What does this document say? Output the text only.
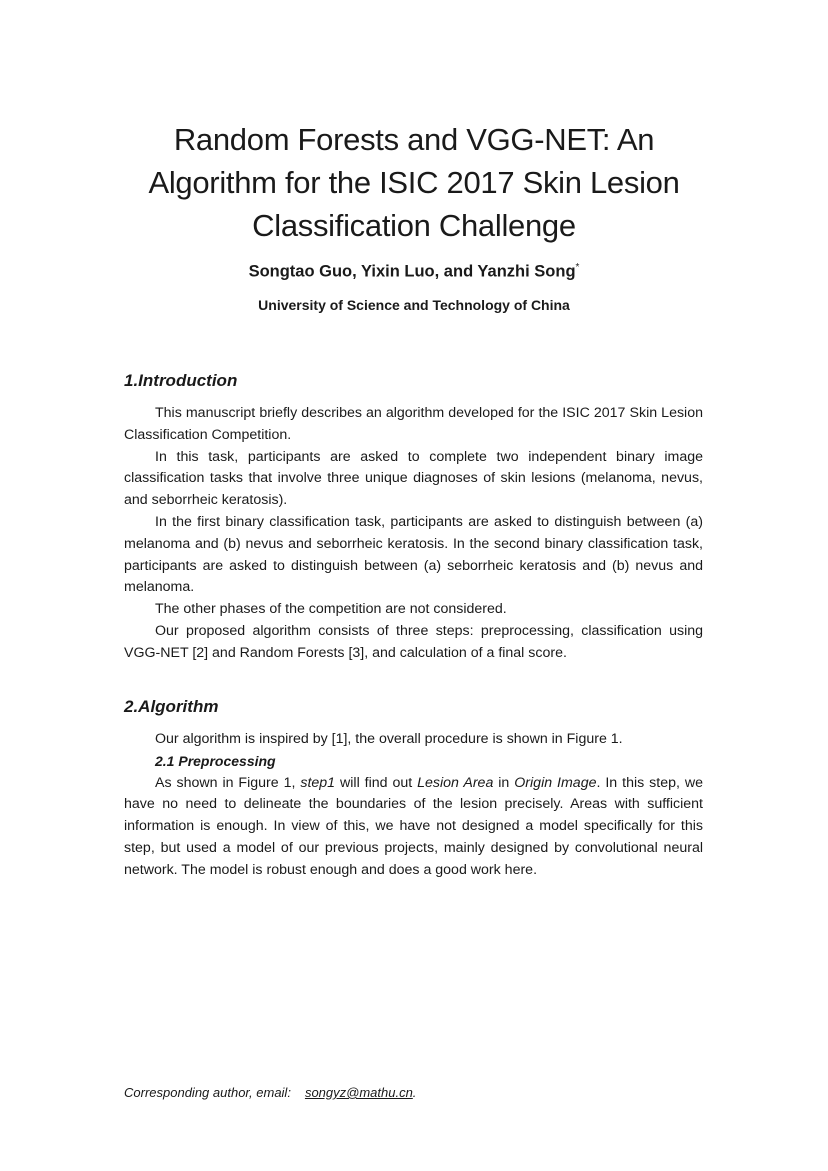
Random Forests and VGG-NET: An
Algorithm for the ISIC 2017 Skin Lesion
Classification Challenge
Songtao Guo, Yixin Luo, and Yanzhi Song*
University of Science and Technology of China
1.Introduction

This manuscript briefly describes an algorithm developed for the ISIC 2017 Skin Lesion Classification Competition.

In this task, participants are asked to complete two independent binary image classification tasks that involve three unique diagnoses of skin lesions (melanoma, nevus, and seborrheic keratosis).

In the first binary classification task, participants are asked to distinguish between (a) melanoma and (b) nevus and seborrheic keratosis. In the second binary classification task, participants are asked to distinguish between (a) seborrheic keratosis and (b) nevus and melanoma.

The other phases of the competition are not considered.

Our proposed algorithm consists of three steps: preprocessing, classification using VGG-NET [2] and Random Forests [3], and calculation of a final score.

2.Algorithm

Our algorithm is inspired by [1], the overall procedure is shown in Figure 1.

2.1 Preprocessing

As shown in Figure 1, step1 will find out Lesion Area in Origin Image. In this step, we have no need to delineate the boundaries of the lesion precisely. Areas with sufficient information is enough. In view of this, we have not designed a model specifically for this step, but used a model of our previous projects, mainly designed by convolutional neural network. The model is robust enough and does a good work here.

Corresponding author, email: songyz@mathu.cn.
